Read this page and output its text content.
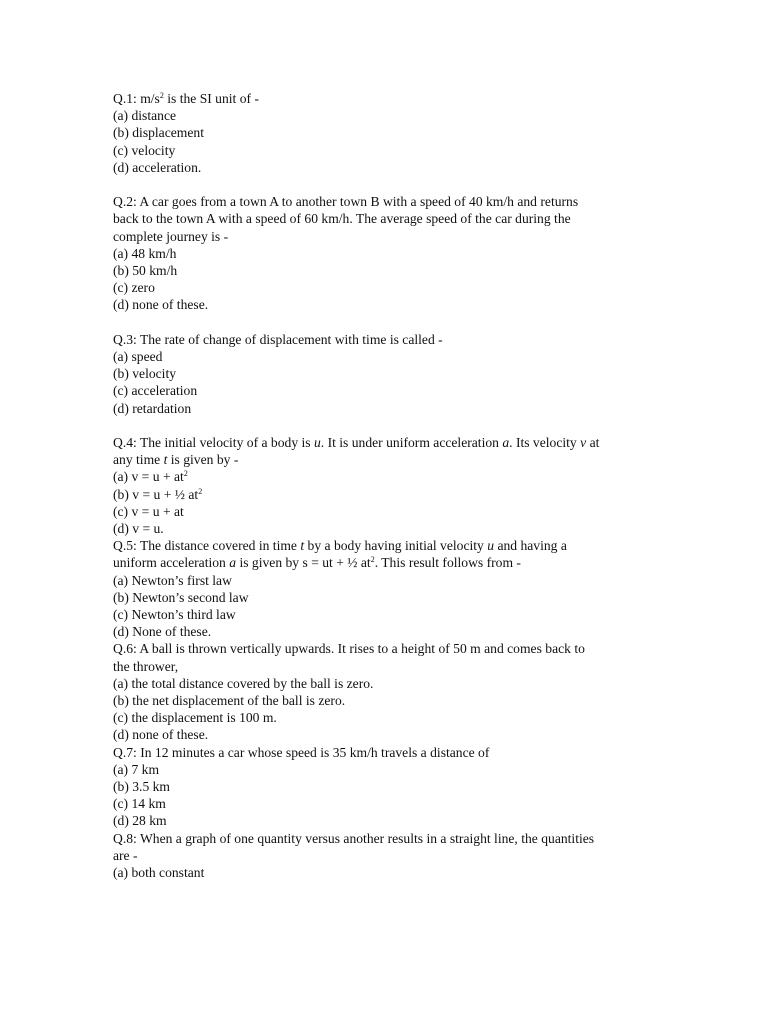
Q.1: $m/s^2$ is the SI unit of -
(a) distance
(b) displacement
(c) velocity
(d) acceleration.
Q.2: A car goes from a town A to another town B with a speed of 40 km/h and returns
back to the town A with a speed of 60 km/h. The average speed of the car during the
complete journey is -
(a) 48 km/h
(b) 50 km/h
(c) zero
(d) none of these.
Q.3: The rate of change of displacement with time is called -
(a) speed
(b) velocity
(c) acceleration
(d) retardation
Q.4: The initial velocity of a body is u. It is under uniform acceleration a. Its velocity v at
any time t is given by -
(a) $v = u + at^2$
(b) v = u + ½ $at^2$
(c) v = u + at
(d) v = u.
Q.5: The distance covered in time t by a body having initial velocity u and having a
uniform acceleration a is given by s = ut + ½ $at^2$. This result follows from -
(a) Newton’s first law
(b) Newton’s second law
(c) Newton’s third law
(d) None of these.
Q.6: A ball is thrown vertically upwards. It rises to a height of 50 m and comes back to
the thrower,
(a) the total distance covered by the ball is zero.
(b) the net displacement of the ball is zero.
(c) the displacement is 100 m.
(d) none of these.
Q.7: In 12 minutes a car whose speed is 35 km/h travels a distance of
(a) 7 km
(b) 3.5 km
(c) 14 km
(d) 28 km
Q.8: When a graph of one quantity versus another results in a straight line, the quantities
are -
(a) both constant
